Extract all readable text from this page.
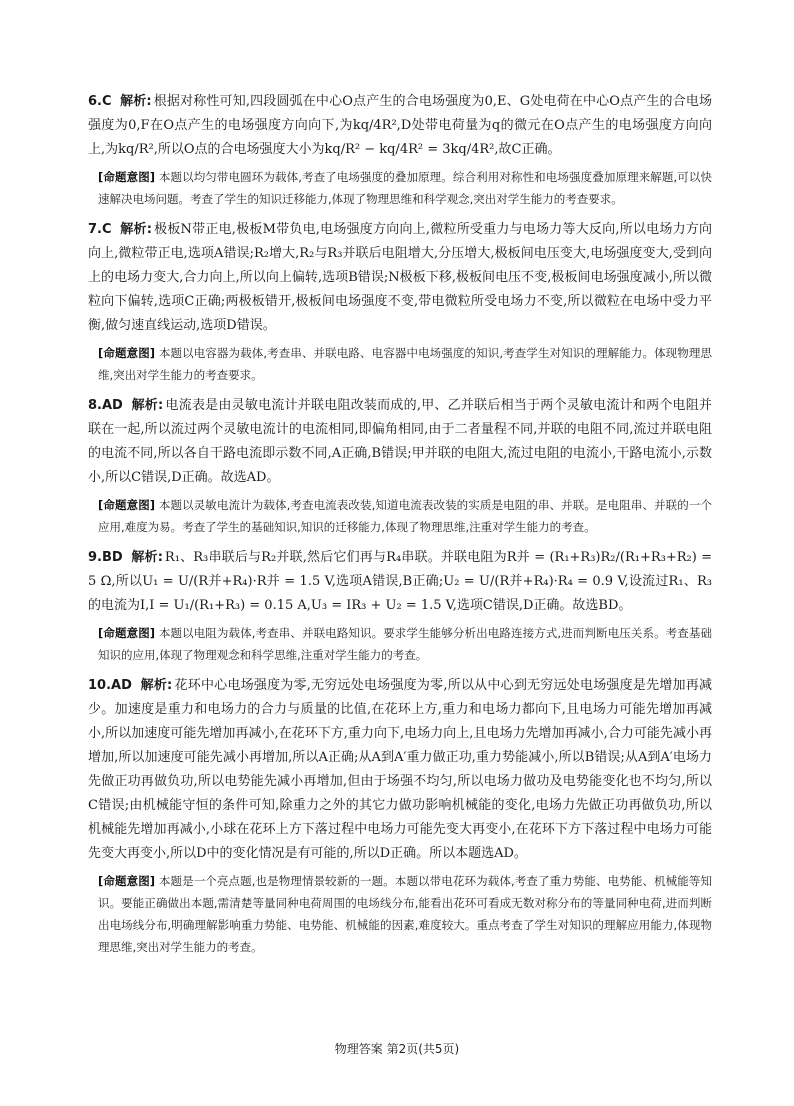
6.C 解析: 根据对称性可知,四段圆弧在中心O点产生的合电场强度为0,E、G处电荷在中心O点产生的合电场强度为0,F在O点产生的电场强度方向向下,为kq/4R²,D处带电荷量为q的微元在O点产生的电场强度方向向上,为kq/R²,所以O点的合电场强度大小为kq/R² − kq/4R² = 3kq/4R²,故C正确。

[命题意图] 本题以均匀带电圆环为载体,考查了电场强度的叠加原理。综合利用对称性和电场强度叠加原理来解题,可以快速解决电场问题。考查了学生的知识迁移能力,体现了物理思维和科学观念,突出对学生能力的考查要求。

7.C 解析: 极板N带正电,极板M带负电,电场强度方向向上,微粒所受重力与电场力等大反向,所以电场力方向向上,微粒带正电,选项A错误;R₂增大,R₂与R₃并联后电阻增大,分压增大,极板间电压变大,电场强度变大,受到向上的电场力变大,合力向上,所以向上偏转,选项B错误;N极板下移,极板间电压不变,极板间电场强度减小,所以微粒向下偏转,选项C正确;两极板错开,极板间电场强度不变,带电微粒所受电场力不变,所以微粒在电场中受力平衡,做匀速直线运动,选项D错误。

[命题意图] 本题以电容器为载体,考查串、并联电路、电容器中电场强度的知识,考查学生对知识的理解能力。体现物理思维,突出对学生能力的考查要求。

8.AD 解析: 电流表是由灵敏电流计并联电阻改装而成的,甲、乙并联后相当于两个灵敏电流计和两个电阻并联在一起,所以流过两个灵敏电流计的电流相同,即偏角相同,由于二者量程不同,并联的电阻不同,流过并联电阻的电流不同,所以各自干路电流即示数不同,A正确,B错误;甲并联的电阻大,流过电阻的电流小,干路电流小,示数小,所以C错误,D正确。故选AD。

[命题意图] 本题以灵敏电流计为载体,考查电流表改装,知道电流表改装的实质是电阻的串、并联。是电阻串、并联的一个应用,难度为易。考查了学生的基础知识,知识的迁移能力,体现了物理思维,注重对学生能力的考查。

9.BD 解析: R₁、R₃串联后与R₂并联,然后它们再与R₄串联。并联电阻为R并 = (R₁+R₃)R₂/(R₁+R₃+R₂) = 5 Ω,所以U₁ = U/(R并+R₄)·R并 = 1.5 V,选项A错误,B正确;U₂ = U/(R并+R₄)·R₄ = 0.9 V,设流过R₁、R₃的电流为I,I = U₁/(R₁+R₃) = 0.15 A,U₃ = IR₃ + U₂ = 1.5 V,选项C错误,D正确。故选BD。

[命题意图] 本题以电阻为载体,考查串、并联电路知识。要求学生能够分析出电路连接方式,进而判断电压关系。考查基础知识的应用,体现了物理观念和科学思维,注重对学生能力的考查。

10.AD 解析: 花环中心电场强度为零,无穷远处电场强度为零,所以从中心到无穷远处电场强度是先增加再减少。加速度是重力和电场力的合力与质量的比值,在花环上方,重力和电场力都向下,且电场力可能先增加再减小,所以加速度可能先增加再减小,在花环下方,重力向下,电场力向上,且电场力先增加再减小,合力可能先减小再增加,所以加速度可能先减小再增加,所以A正确;从A到A′重力做正功,重力势能减小,所以B错误;从A到A′电场力先做正功再做负功,所以电势能先减小再增加,但由于场强不均匀,所以电场力做功及电势能变化也不均匀,所以C错误;由机械能守恒的条件可知,除重力之外的其它力做功影响机械能的变化,电场力先做正功再做负功,所以机械能先增加再减小,小球在花环上方下落过程中电场力可能先变大再变小,在花环下方下落过程中电场力可能先变大再变小,所以D中的变化情况是有可能的,所以D正确。所以本题选AD。

[命题意图] 本题是一个亮点题,也是物理情景较新的一题。本题以带电花环为载体,考查了重力势能、电势能、机械能等知识。要能正确做出本题,需清楚等量同种电荷周围的电场线分布,能看出花环可看成无数对称分布的等量同种电荷,进而判断出电场线分布,明确理解影响重力势能、电势能、机械能的因素,难度较大。重点考查了学生对知识的理解应用能力,体现物理思维,突出对学生能力的考查。

物理答案 第2页(共5页)
